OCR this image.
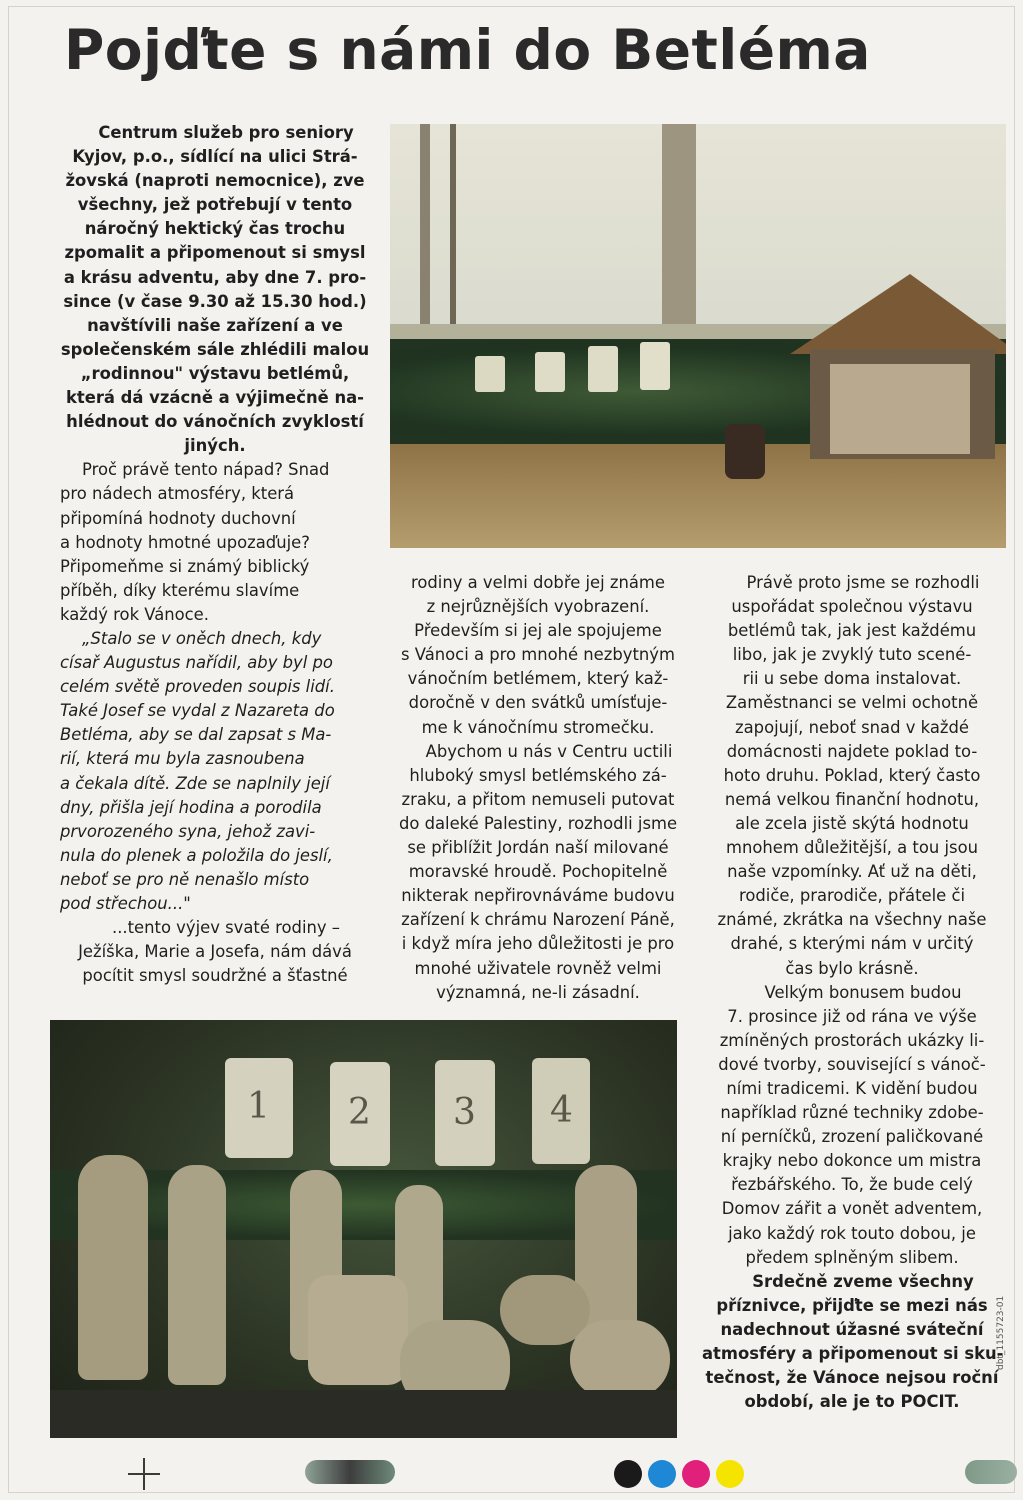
Pojďte s námi do Betléma
Centrum služeb pro seniory
Kyjov, p.o., sídlící na ulici Strá-
žovská (naproti nemocnice), zve
všechny, jež potřebují v tento
náročný hektický čas trochu
zpomalit a připomenout si smysl
a krásu adventu, aby dne 7. pro-
since (v čase 9.30 až 15.30 hod.)
navštívili naše zařízení a ve
společenském sále zhlédili malou
„rodinnou" výstavu betlémů,
která dá vzácně a výjimečně na-
hlédnout do vánočních zvyklostí
jiných.
Proč právě tento nápad? Snad
pro nádech atmosféry, která
připomíná hodnoty duchovní
a hodnoty hmotné upozaďuje?
Připomeňme si známý biblický
příběh, díky kterému slavíme
každý rok Vánoce.
„Stalo se v oněch dnech, kdy
císař Augustus nařídil, aby byl po
celém světě proveden soupis lidí.
Také Josef se vydal z Nazareta do
Betléma, aby se dal zapsat s Ma-
rií, která mu byla zasnoubena
a čekala dítě. Zde se naplnily její
dny, přišla její hodina a porodila
prvorozeného syna, jehož zavi-
nula do plenek a položila do jeslí,
neboť se pro ně nenašlo místo
pod střechou..."
...tento výjev svaté rodiny –
Ježíška, Marie a Josefa, nám dává
pocítit smysl soudržné a šťastné
rodiny a velmi dobře jej známe
z nejrůznějších vyobrazení.
Především si jej ale spojujeme
s Vánoci a pro mnohé nezbytným
vánočním betlémem, který kaž-
doročně v den svátků umísťuje-
me k vánočnímu stromečku.
Abychom u nás v Centru uctili
hluboký smysl betlémského zá-
zraku, a přitom nemuseli putovat
do daleké Palestiny, rozhodli jsme
se přiblížit Jordán naší milované
moravské hroudě. Pochopitelně
nikterak nepřirovnáváme budovu
zařízení k chrámu Narození Páně,
i když míra jeho důležitosti je pro
mnohé uživatele rovněž velmi
významná, ne-li zásadní.
Právě proto jsme se rozhodli
uspořádat společnou výstavu
betlémů tak, jak jest každému
libo, jak je zvyklý tuto scené-
rii u sebe doma instalovat.
Zaměstnanci se velmi ochotně
zapojují, neboť snad v každé
domácnosti najdete poklad to-
hoto druhu. Poklad, který často
nemá velkou finanční hodnotu,
ale zcela jistě skýtá hodnotu
mnohem důležitější, a tou jsou
naše vzpomínky. Ať už na děti,
rodiče, prarodiče, přátele či
známé, zkrátka na všechny naše
drahé, s kterými nám v určitý
čas bylo krásně.
Velkým bonusem budou
7. prosince již od rána ve výše
zmíněných prostorách ukázky li-
dové tvorby, související s vánoč-
ními tradicemi. K vidění budou
například různé techniky zdobe-
ní perníčků, zrození paličkované
krajky nebo dokonce um mistra
řezbářského. To, že bude celý
Domov zářit a vonět adventem,
jako každý rok touto dobou, je
předem splněným slibem.
Srdečně zveme všechny
příznivce, přijďte se mezi nás
nadechnout úžasné sváteční
atmosféry a připomenout si sku-
tečnost, že Vánoce nejsou roční
období, ale je to POCIT.
1 2 3 4
dbt_1155723-01
